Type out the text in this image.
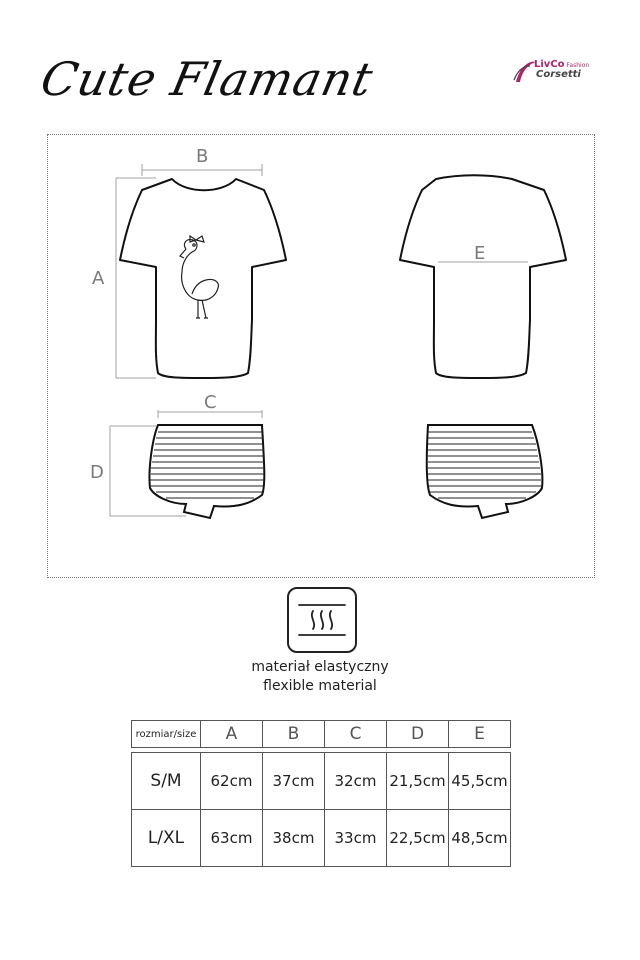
Cute Flamant	LivCo Fashion
Corsetti
B
A
E
C
D
materiał elastyczny
flexible material
rozmiar/size	A	B	C	D	E

S/M	62cm	37cm	32cm	21,5cm	45,5cm
L/XL	63cm	38cm	33cm	22,5cm	48,5cm
